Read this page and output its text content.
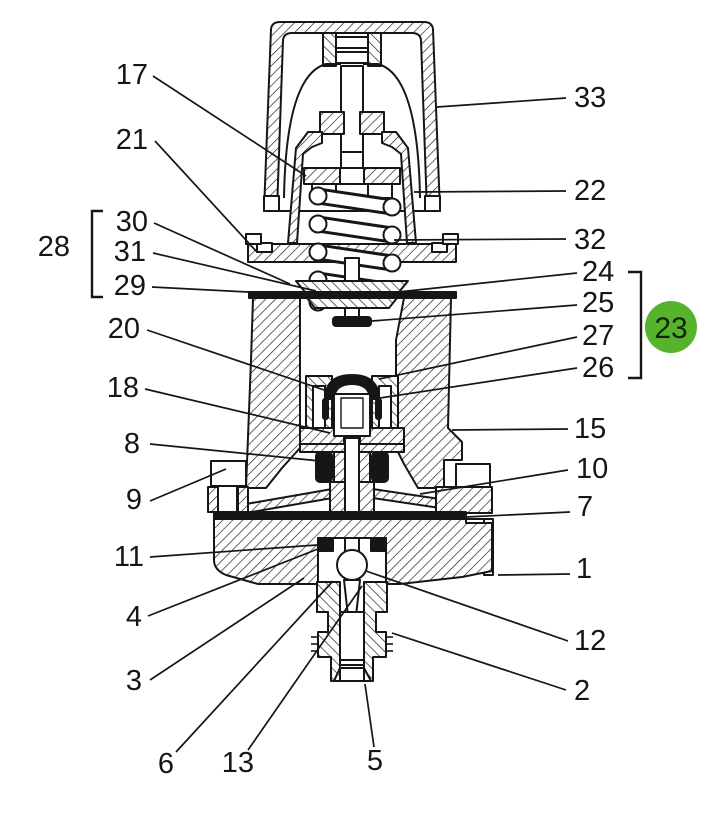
17
21
30
31
29
20
18
8
9
11
4
3
6 13	5
33
22
32
24
25
27
26
15
10
7
1
12
2
28
23
